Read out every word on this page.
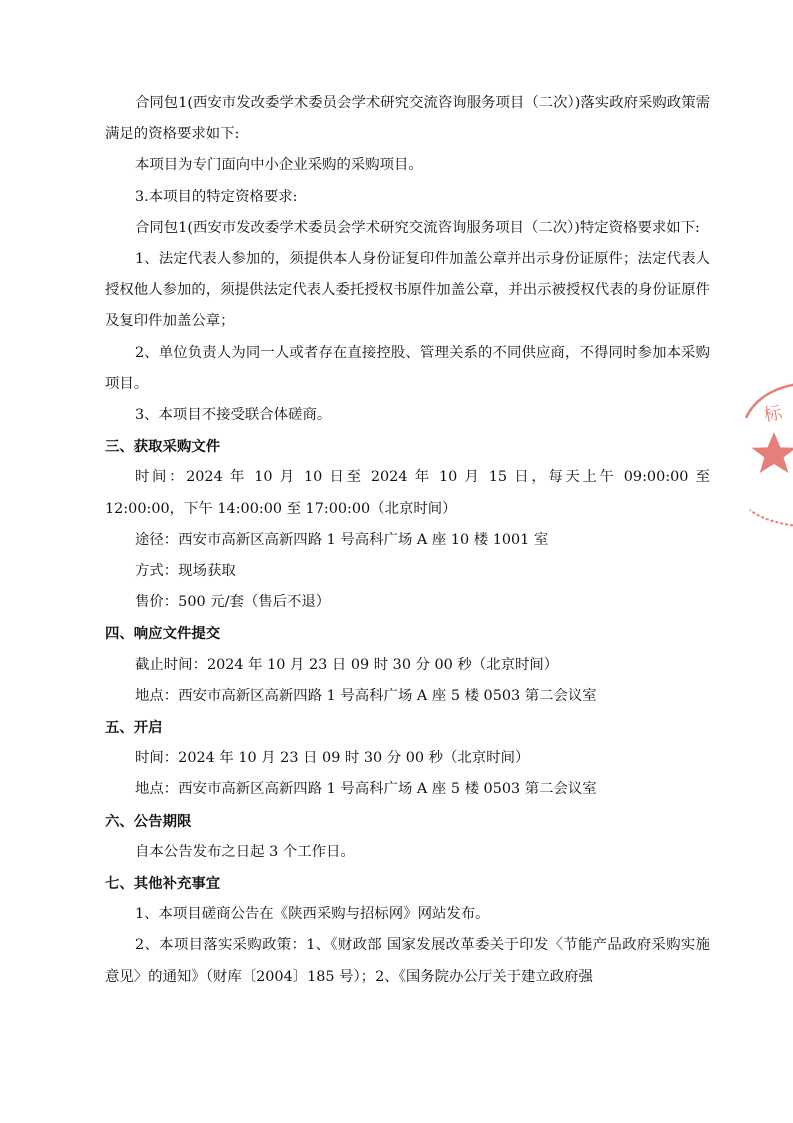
合同包1(西安市发改委学术委员会学术研究交流咨询服务项目（二次）)落实政府采购政策需满足的资格要求如下:

本项目为专门面向中小企业采购的采购项目。

3.本项目的特定资格要求:

合同包1(西安市发改委学术委员会学术研究交流咨询服务项目（二次）)特定资格要求如下:

1、法定代表人参加的，须提供本人身份证复印件加盖公章并出示身份证原件；法定代表人授权他人参加的，须提供法定代表人委托授权书原件加盖公章，并出示被授权代表的身份证原件及复印件加盖公章；

2、单位负责人为同一人或者存在直接控股、管理关系的不同供应商，不得同时参加本采购项目。

3、本项目不接受联合体磋商。

三、获取采购文件

时间：2024 年 10 月 10 日至 2024 年 10 月 15 日，每天上午 09:00:00 至 12:00:00，下午 14:00:00 至 17:00:00（北京时间）

途径：西安市高新区高新四路 1 号高科广场 A 座 10 楼 1001 室

方式：现场获取

售价：500 元/套（售后不退）

四、响应文件提交

截止时间：2024 年 10 月 23 日 09 时 30 分 00 秒（北京时间）

地点：西安市高新区高新四路 1 号高科广场 A 座 5 楼 0503 第二会议室

五、开启

时间：2024 年 10 月 23 日 09 时 30 分 00 秒（北京时间）

地点：西安市高新区高新四路 1 号高科广场 A 座 5 楼 0503 第二会议室

六、公告期限

自本公告发布之日起 3 个工作日。

七、其他补充事宜

1、本项目磋商公告在《陕西采购与招标网》网站发布。

2、本项目落实采购政策：1、《财政部 国家发展改革委关于印发〈节能产品政府采购实施意见〉的通知》（财库〔2004〕185 号）；2、《国务院办公厅关于建立政府强

标
